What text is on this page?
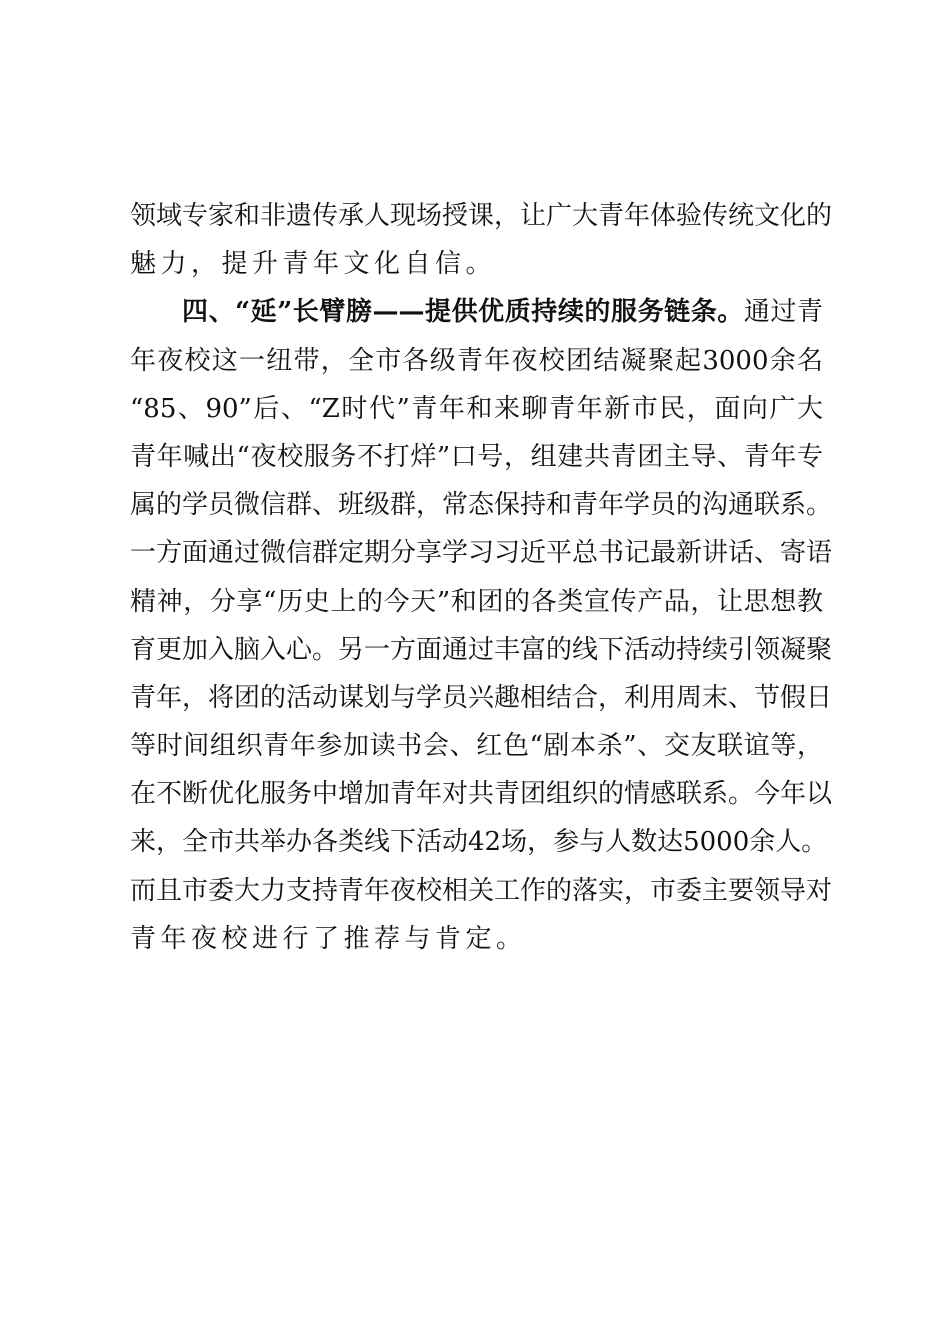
领域专家和非遗传承人现场授课，让广大青年体验传统文化的
魅力，提升青年文化自信。
四、“延”长臂膀——提供优质持续的服务链条。通过青
年夜校这一纽带，全市各级青年夜校团结凝聚起3000余名
“85、90”后、“Z时代”青年和来聊青年新市民，面向广大
青年喊出“夜校服务不打烊”口号，组建共青团主导、青年专
属的学员微信群、班级群，常态保持和青年学员的沟通联系。
一方面通过微信群定期分享学习习近平总书记最新讲话、寄语
精神，分享“历史上的今天”和团的各类宣传产品，让思想教
育更加入脑入心。另一方面通过丰富的线下活动持续引领凝聚
青年，将团的活动谋划与学员兴趣相结合，利用周末、节假日
等时间组织青年参加读书会、红色“剧本杀”、交友联谊等，
在不断优化服务中增加青年对共青团组织的情感联系。今年以
来，全市共举办各类线下活动42场，参与人数达5000余人。
而且市委大力支持青年夜校相关工作的落实，市委主要领导对
青年夜校进行了推荐与肯定。
